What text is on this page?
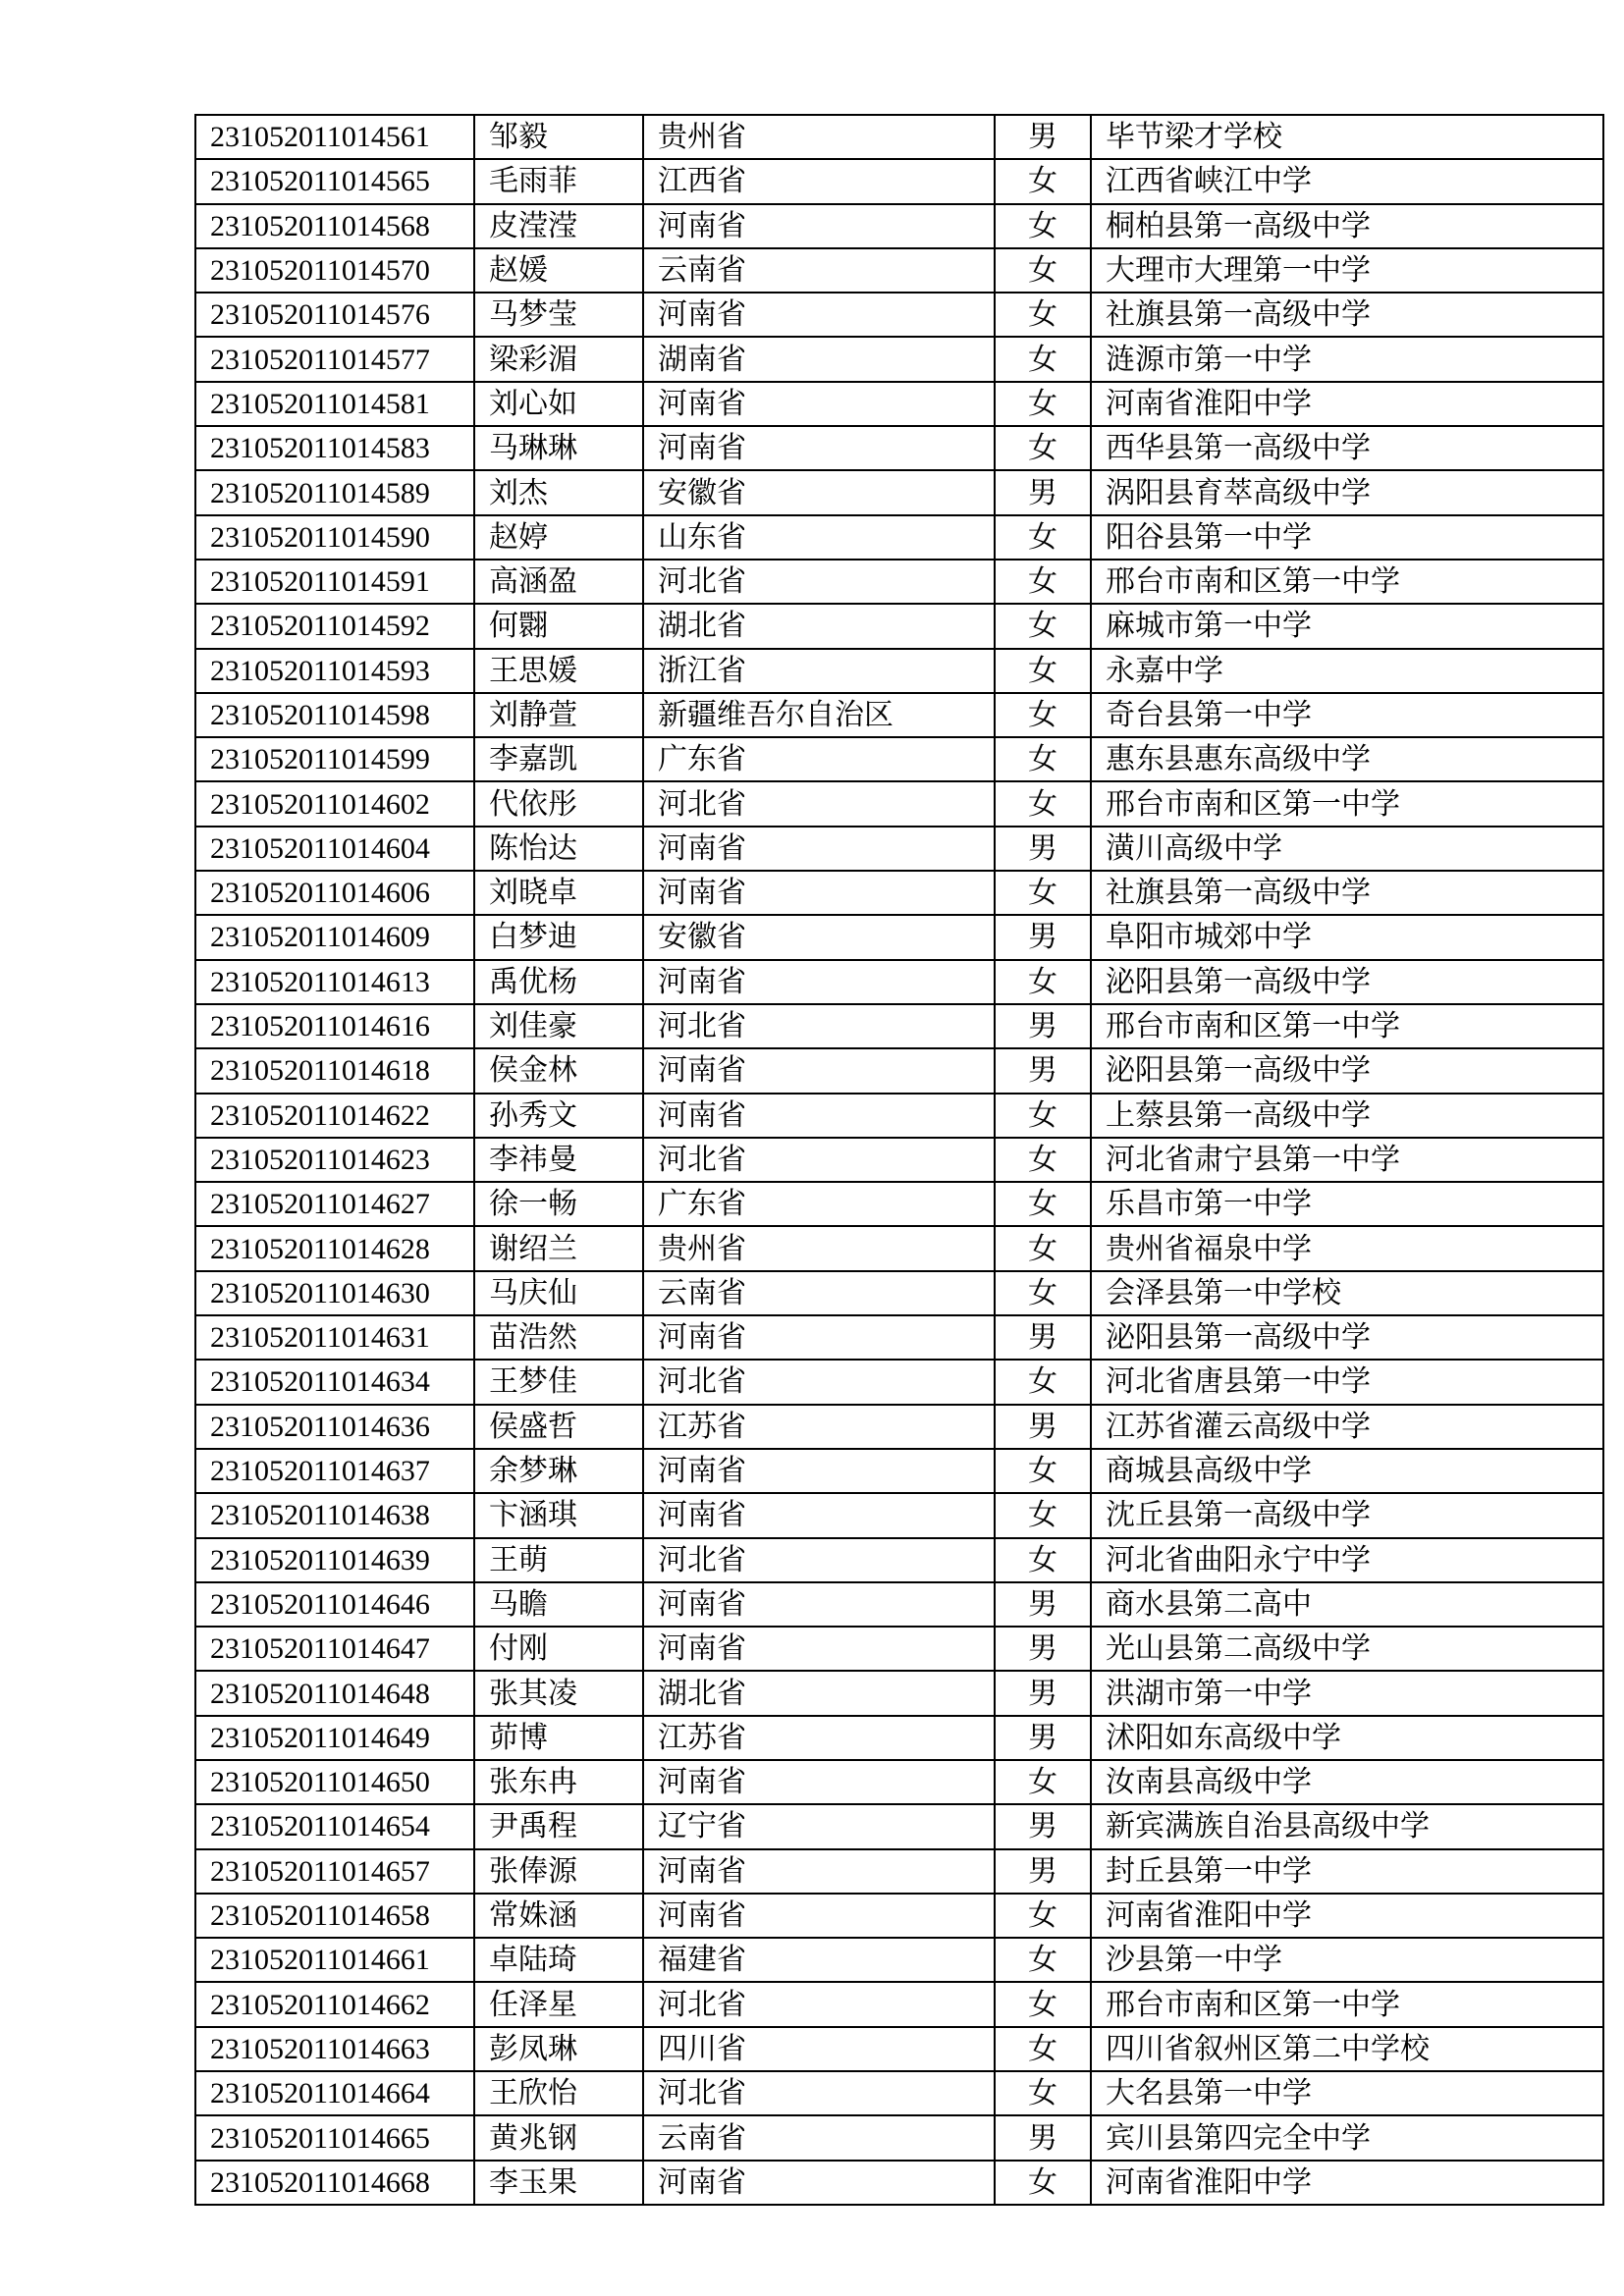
231052011014561	邹毅	贵州省	男	毕节梁才学校
231052011014565	毛雨菲	江西省	女	江西省峡江中学
231052011014568	皮滢滢	河南省	女	桐柏县第一高级中学
231052011014570	赵媛	云南省	女	大理市大理第一中学
231052011014576	马梦莹	河南省	女	社旗县第一高级中学
231052011014577	梁彩湄	湖南省	女	涟源市第一中学
231052011014581	刘心如	河南省	女	河南省淮阳中学
231052011014583	马琳琳	河南省	女	西华县第一高级中学
231052011014589	刘杰	安徽省	男	涡阳县育萃高级中学
231052011014590	赵婷	山东省	女	阳谷县第一中学
231052011014591	高涵盈	河北省	女	邢台市南和区第一中学
231052011014592	何翾	湖北省	女	麻城市第一中学
231052011014593	王思媛	浙江省	女	永嘉中学
231052011014598	刘静萱	新疆维吾尔自治区	女	奇台县第一中学
231052011014599	李嘉凯	广东省	女	惠东县惠东高级中学
231052011014602	代依彤	河北省	女	邢台市南和区第一中学
231052011014604	陈怡达	河南省	男	潢川高级中学
231052011014606	刘晓卓	河南省	女	社旗县第一高级中学
231052011014609	白梦迪	安徽省	男	阜阳市城郊中学
231052011014613	禹优杨	河南省	女	泌阳县第一高级中学
231052011014616	刘佳豪	河北省	男	邢台市南和区第一中学
231052011014618	侯金林	河南省	男	泌阳县第一高级中学
231052011014622	孙秀文	河南省	女	上蔡县第一高级中学
231052011014623	李祎曼	河北省	女	河北省肃宁县第一中学
231052011014627	徐一畅	广东省	女	乐昌市第一中学
231052011014628	谢绍兰	贵州省	女	贵州省福泉中学
231052011014630	马庆仙	云南省	女	会泽县第一中学校
231052011014631	苗浩然	河南省	男	泌阳县第一高级中学
231052011014634	王梦佳	河北省	女	河北省唐县第一中学
231052011014636	侯盛哲	江苏省	男	江苏省灌云高级中学
231052011014637	余梦琳	河南省	女	商城县高级中学
231052011014638	卞涵琪	河南省	女	沈丘县第一高级中学
231052011014639	王萌	河北省	女	河北省曲阳永宁中学
231052011014646	马瞻	河南省	男	商水县第二高中
231052011014647	付刚	河南省	男	光山县第二高级中学
231052011014648	张其凌	湖北省	男	洪湖市第一中学
231052011014649	茆博	江苏省	男	沭阳如东高级中学
231052011014650	张东冉	河南省	女	汝南县高级中学
231052011014654	尹禹程	辽宁省	男	新宾满族自治县高级中学
231052011014657	张俸源	河南省	男	封丘县第一中学
231052011014658	常姝涵	河南省	女	河南省淮阳中学
231052011014661	卓陆琦	福建省	女	沙县第一中学
231052011014662	任泽星	河北省	女	邢台市南和区第一中学
231052011014663	彭凤琳	四川省	女	四川省叙州区第二中学校
231052011014664	王欣怡	河北省	女	大名县第一中学
231052011014665	黄兆钢	云南省	男	宾川县第四完全中学
231052011014668	李玉果	河南省	女	河南省淮阳中学
